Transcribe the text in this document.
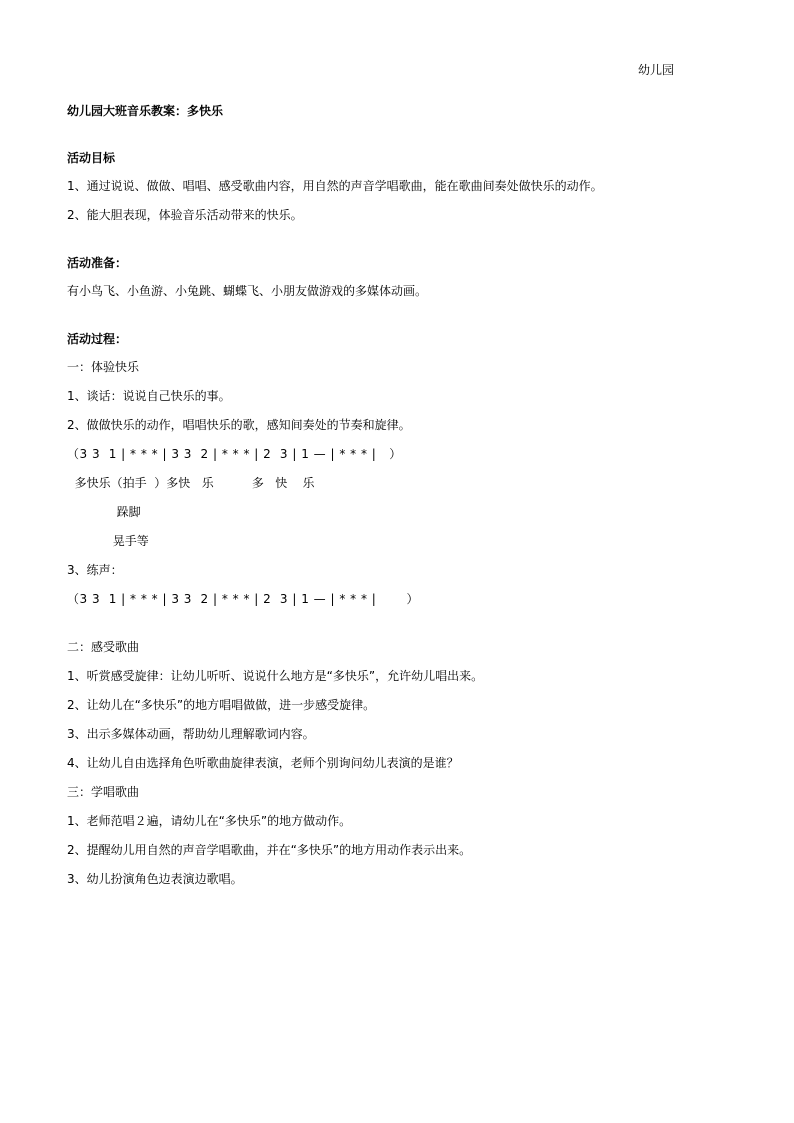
幼儿园
幼儿园大班音乐教案：多快乐
活动目标
1、通过说说、做做、唱唱、感受歌曲内容，用自然的声音学唱歌曲，能在歌曲间奏处做快乐的动作。
2、能大胆表现，体验音乐活动带来的快乐。
活动准备：
有小鸟飞、小鱼游、小兔跳、蝴蝶飞、小朋友做游戏的多媒体动画。
活动过程：
一：体验快乐
1、谈话：说说自己快乐的事。
2、做做快乐的动作，唱唱快乐的歌，感知间奏处的节奏和旋律。
（3 3  1 | * * * | 3 3  2 | * * * | 2  3 | 1 — | * * * |   ）
多快乐（拍手  ）多快   乐          多   快    乐
跺脚
晃手等
3、练声：
（3 3  1 | * * * | 3 3  2 | * * * | 2  3 | 1 — | * * * |       ）
二：感受歌曲
1、听赏感受旋律：让幼儿听听、说说什么地方是“多快乐”，允许幼儿唱出来。
2、让幼儿在“多快乐”的地方唱唱做做，进一步感受旋律。
3、出示多媒体动画，帮助幼儿理解歌词内容。
4、让幼儿自由选择角色听歌曲旋律表演，老师个别询问幼儿表演的是谁？
三：学唱歌曲
1、老师范唱２遍，请幼儿在“多快乐”的地方做动作。
2、提醒幼儿用自然的声音学唱歌曲，并在“多快乐”的地方用动作表示出来。
3、幼儿扮演角色边表演边歌唱。
